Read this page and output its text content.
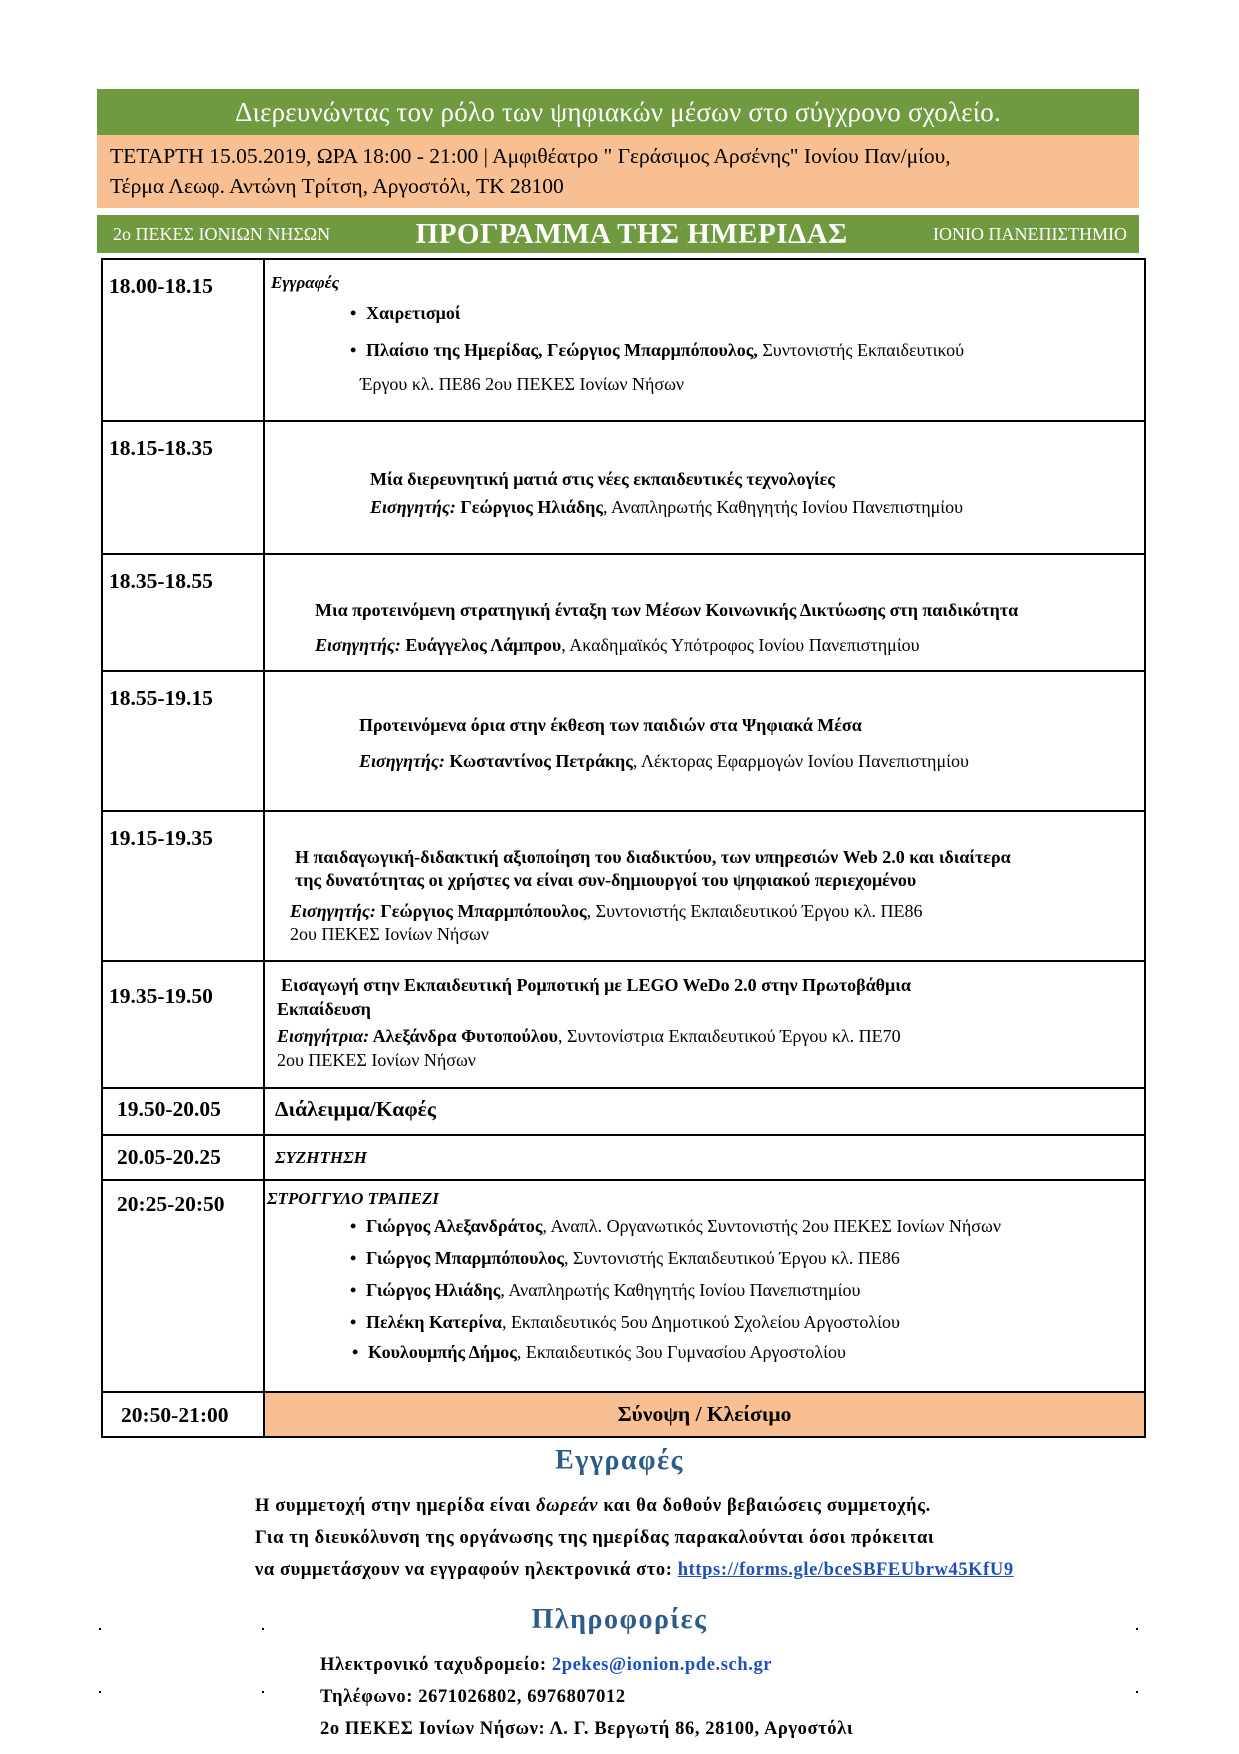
Διερευνώντας τον ρόλο των ψηφιακών μέσων στο σύγχρονο σχολείο.
ΤΕΤΑΡΤΗ 15.05.2019, ΩΡΑ 18:00 - 21:00 | Αμφιθέατρο " Γεράσιμος Αρσένης" Ιονίου Παν/μίου,
Τέρμα Λεωφ. Αντώνη Τρίτση, Αργοστόλι, ΤΚ 28100
2ο ΠΕΚΕΣ ΙΟΝΙΩΝ ΝΗΣΩΝ	ΠΡΟΓΡΑΜΜΑ ΤΗΣ ΗΜΕΡΙΔΑΣ	ΙΟΝΙΟ ΠΑΝΕΠΙΣΤΗΜΙΟ
18.00-18.15	Εγγραφές
• Χαιρετισμοί
• Πλαίσιο της Ημερίδας, Γεώργιος Μπαρμπόπουλος, Συντονιστής Εκπαιδευτικού
Έργου κλ. ΠΕ86 2ου ΠΕΚΕΣ Ιονίων Νήσων
18.15-18.35
Μία διερευνητική ματιά στις νέες εκπαιδευτικές τεχνολογίες
Εισηγητής: Γεώργιος Ηλιάδης, Αναπληρωτής Καθηγητής Ιονίου Πανεπιστημίου
18.35-18.55
Μια προτεινόμενη στρατηγική ένταξη των Μέσων Κοινωνικής Δικτύωσης στη παιδικότητα
Εισηγητής: Ευάγγελος Λάμπρου, Ακαδημαϊκός Υπότροφος Ιονίου Πανεπιστημίου
18.55-19.15
Προτεινόμενα όρια στην έκθεση των παιδιών στα Ψηφιακά Μέσα
Εισηγητής: Κωσταντίνος Πετράκης, Λέκτορας Εφαρμογών Ιονίου Πανεπιστημίου
19.15-19.35
Η παιδαγωγική-διδακτική αξιοποίηση του διαδικτύου, των υπηρεσιών Web 2.0 και ιδιαίτερα
της δυνατότητας οι χρήστες να είναι συν-δημιουργοί του ψηφιακού περιεχομένου
Εισηγητής: Γεώργιος Μπαρμπόπουλος, Συντονιστής Εκπαιδευτικού Έργου κλ. ΠΕ86
2ου ΠΕΚΕΣ Ιονίων Νήσων
19.35-19.50	Εισαγωγή στην Εκπαιδευτική Ρομποτική με LEGO WeDo 2.0 στην Πρωτοβάθμια
Εκπαίδευση
Εισηγήτρια: Αλεξάνδρα Φυτοπούλου, Συντονίστρια Εκπαιδευτικού Έργου κλ. ΠΕ70
2ου ΠΕΚΕΣ Ιονίων Νήσων
19.50-20.05	Διάλειμμα/Καφές
20.05-20.25	ΣΥΖΗΤΗΣΗ
20:25-20:50	ΣΤΡΟΓΓΥΛΟ ΤΡΑΠΕΖΙ
• Γιώργος Αλεξανδράτος, Αναπλ. Οργανωτικός Συντονιστής 2ου ΠΕΚΕΣ Ιονίων Νήσων
• Γιώργος Μπαρμπόπουλος, Συντονιστής Εκπαιδευτικού Έργου κλ. ΠΕ86
• Γιώργος Ηλιάδης, Αναπληρωτής Καθηγητής Ιονίου Πανεπιστημίου
• Πελέκη Κατερίνα, Εκπαιδευτικός 5ου Δημοτικού Σχολείου Αργοστολίου
• Κουλουμπής Δήμος, Εκπαιδευτικός 3ου Γυμνασίου Αργοστολίου
20:50-21:00	Σύνοψη / Κλείσιμο
Εγγραφές
Η συμμετοχή στην ημερίδα είναι δωρεάν και θα δοθούν βεβαιώσεις συμμετοχής.
Για τη διευκόλυνση της οργάνωσης της ημερίδας παρακαλούνται όσοι πρόκειται
να συμμετάσχουν να εγγραφούν ηλεκτρονικά στο: https://forms.gle/bceSBFEUbrw45KfU9
Πληροφορίες
Ηλεκτρονικό ταχυδρομείο: 2pekes@ionion.pde.sch.gr
Τηλέφωνο: 2671026802, 6976807012
2ο ΠΕΚΕΣ Ιονίων Νήσων: Λ. Γ. Βεργωτή 86, 28100, Αργοστόλι
